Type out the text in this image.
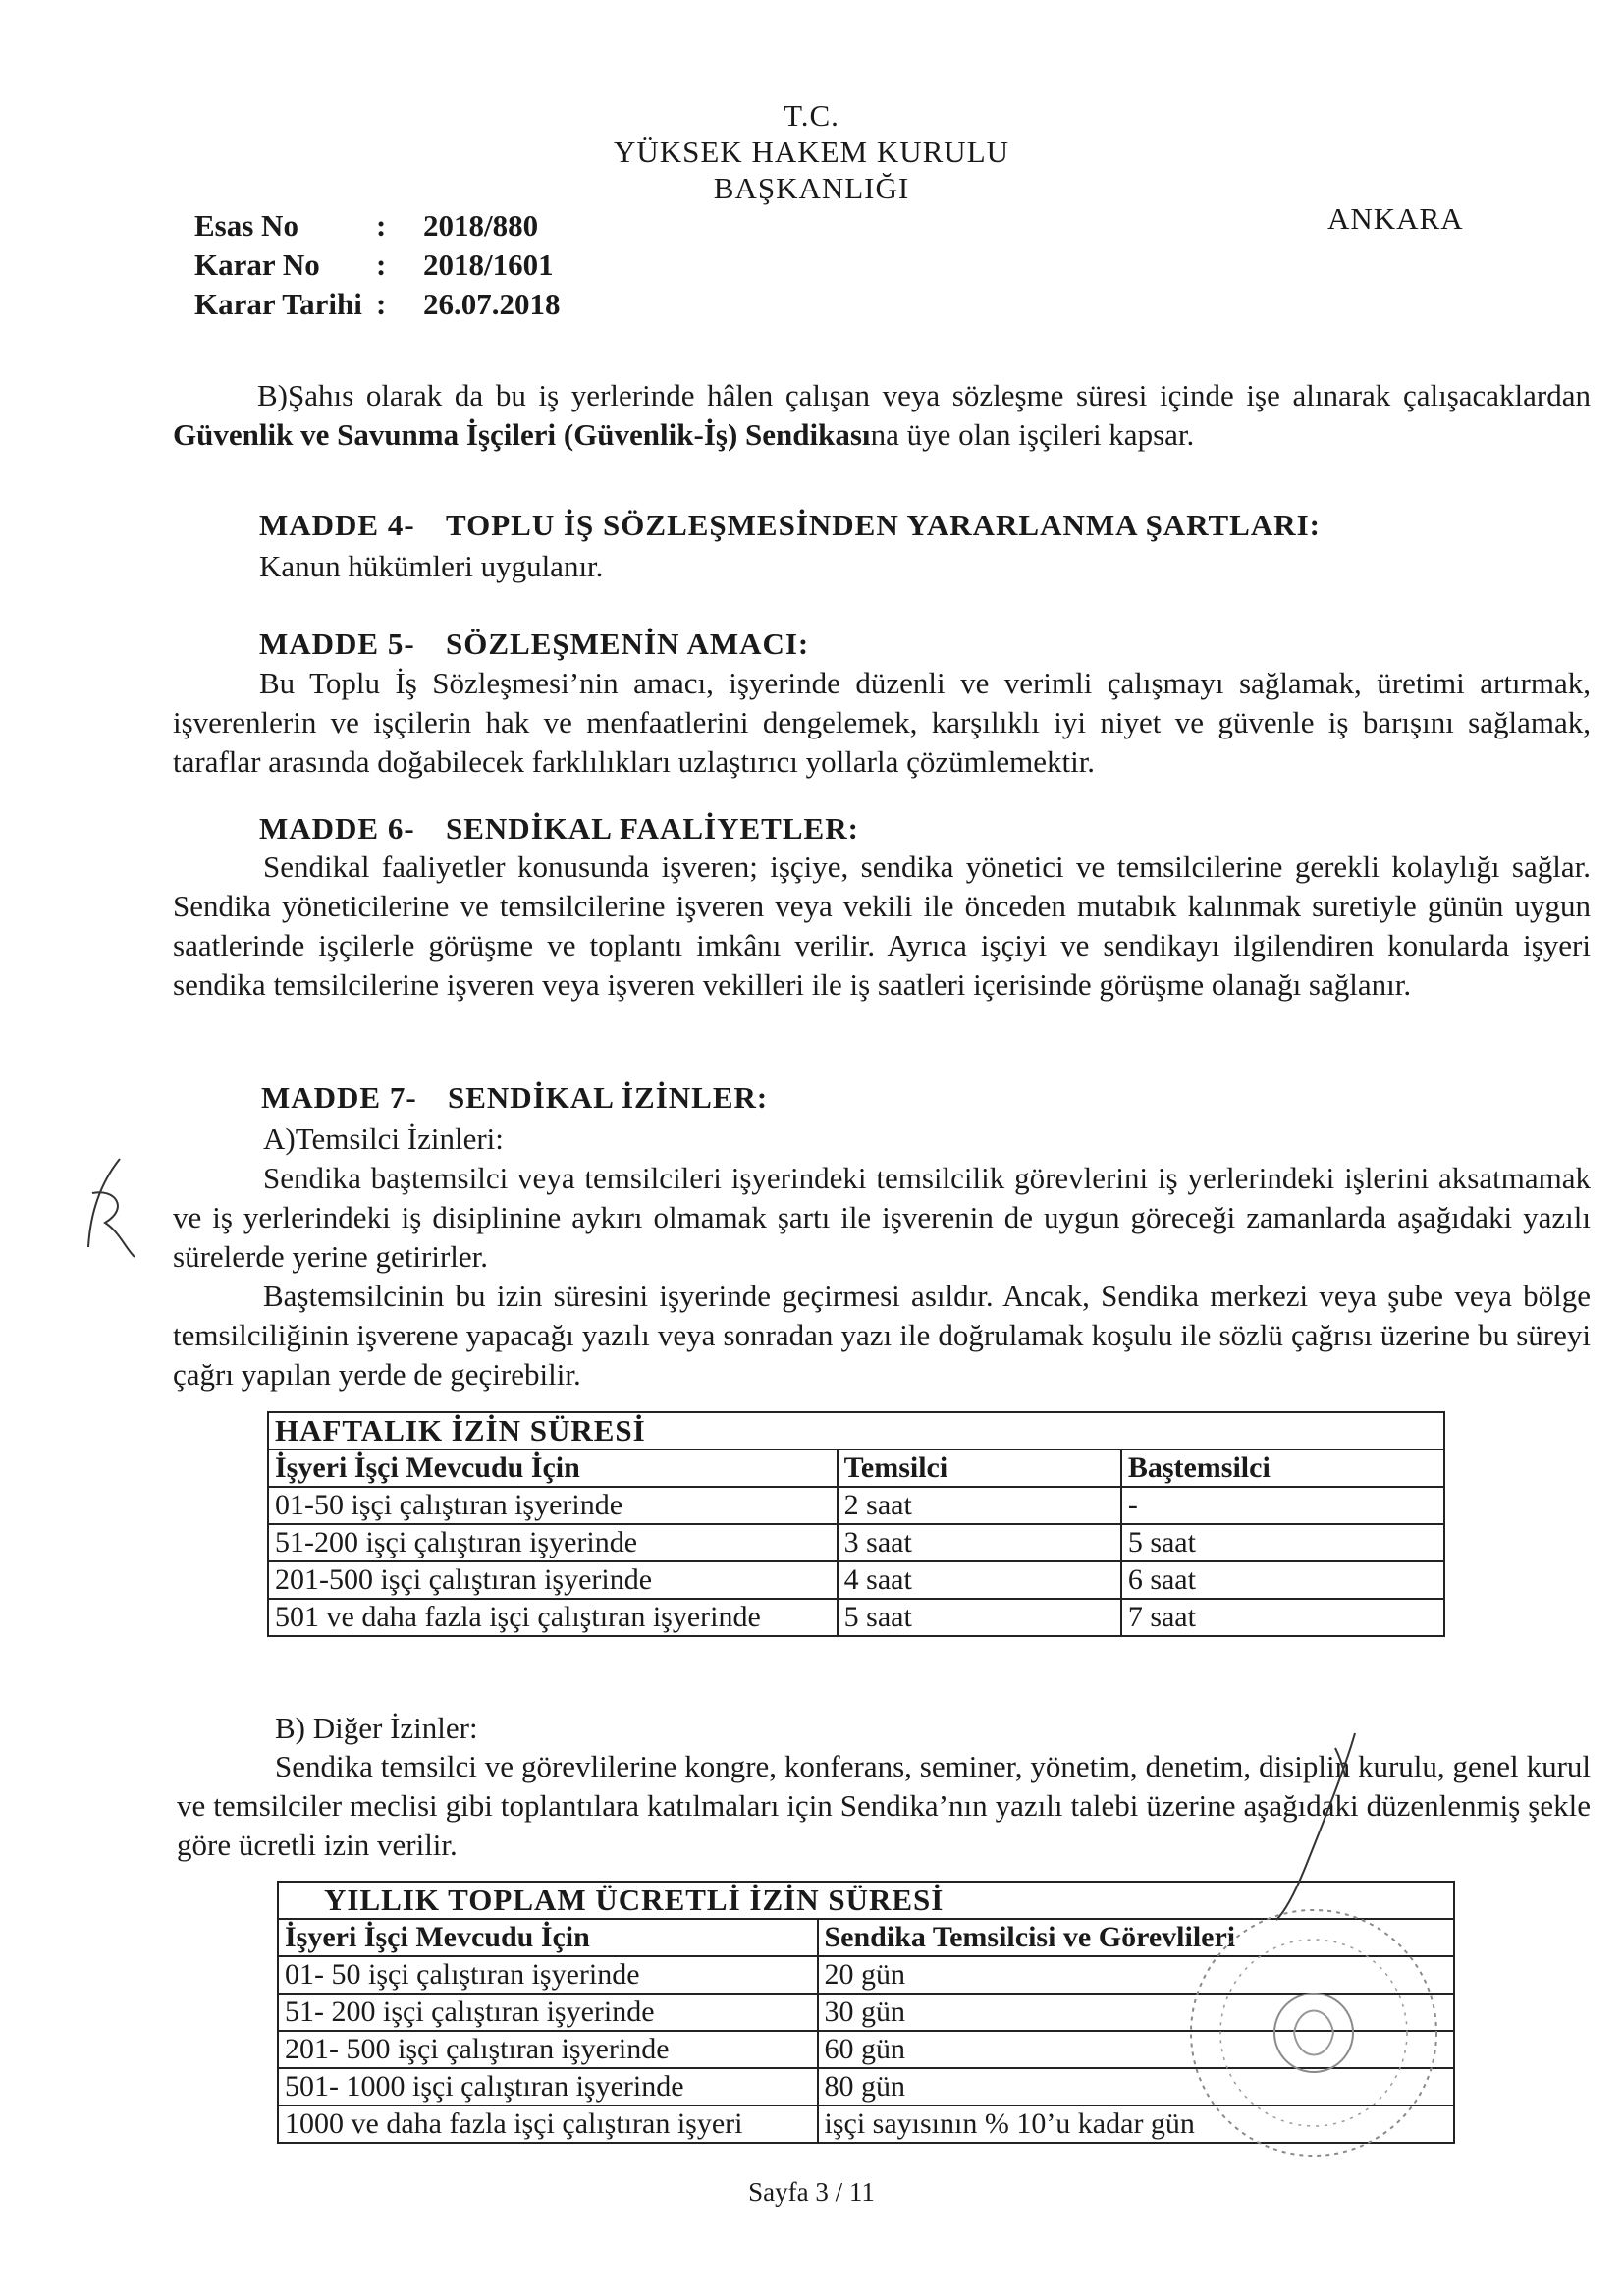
T.C.
YÜKSEK HAKEM KURULU
BAŞKANLIĞI
ANKARA
Esas No	:	2018/880
Karar No	:	2018/1601
Karar Tarihi :	26.07.2018
B)Şahıs olarak da bu iş yerlerinde hâlen çalışan veya sözleşme süresi içinde işe alınarak çalışacaklardan Güvenlik ve Savunma İşçileri (Güvenlik-İş) Sendikasına üye olan işçileri kapsar.
MADDE 4- TOPLU İŞ SÖZLEŞMESİNDEN YARARLANMA ŞARTLARI:
Kanun hükümleri uygulanır.
MADDE 5- SÖZLEŞMENİN AMACI:
Bu Toplu İş Sözleşmesi’nin amacı, işyerinde düzenli ve verimli çalışmayı sağlamak, üretimi artırmak, işverenlerin ve işçilerin hak ve menfaatlerini dengelemek, karşılıklı iyi niyet ve güvenle iş barışını sağlamak, taraflar arasında doğabilecek farklılıkları uzlaştırıcı yollarla çözümlemektir.
MADDE 6- SENDİKAL FAALİYETLER:
Sendikal faaliyetler konusunda işveren; işçiye, sendika yönetici ve temsilcilerine gerekli kolaylığı sağlar. Sendika yöneticilerine ve temsilcilerine işveren veya vekili ile önceden mutabık kalınmak suretiyle günün uygun saatlerinde işçilerle görüşme ve toplantı imkânı verilir. Ayrıca işçiyi ve sendikayı ilgilendiren konularda işyeri sendika temsilcilerine işveren veya işveren vekilleri ile iş saatleri içerisinde görüşme olanağı sağlanır.
MADDE 7- SENDİKAL İZİNLER:
A)Temsilci İzinleri:
Sendika baştemsilci veya temsilcileri işyerindeki temsilcilik görevlerini iş yerlerindeki işlerini aksatmamak ve iş yerlerindeki iş disiplinine aykırı olmamak şartı ile işverenin de uygun göreceği zamanlarda aşağıdaki yazılı sürelerde yerine getirirler.
Baştemsilcinin bu izin süresini işyerinde geçirmesi asıldır. Ancak, Sendika merkezi veya şube veya bölge temsilciliğinin işverene yapacağı yazılı veya sonradan yazı ile doğrulamak koşulu ile sözlü çağrısı üzerine bu süreyi çağrı yapılan yerde de geçirebilir.
HAFTALIK İZİN SÜRESİ		
İşyeri İşçi Mevcudu İçin	Temsilci	Baştemsilci
01-50 işçi çalıştıran işyerinde	2 saat	-
51-200 işçi çalıştıran işyerinde	3 saat	5 saat
201-500 işçi çalıştıran işyerinde	4 saat	6 saat
501 ve daha fazla işçi çalıştıran işyerinde	5 saat	7 saat
B) Diğer İzinler:
Sendika temsilci ve görevlilerine kongre, konferans, seminer, yönetim, denetim, disiplin kurulu, genel kurul ve temsilciler meclisi gibi toplantılara katılmaları için Sendika’nın yazılı talebi üzerine aşağıdaki düzenlenmiş şekle göre ücretli izin verilir.
YILLIK TOPLAM ÜCRETLİ İZİN SÜRESİ	
İşyeri İşçi Mevcudu İçin	Sendika Temsilcisi ve Görevlileri
01- 50 işçi çalıştıran işyerinde	20 gün
51- 200 işçi çalıştıran işyerinde	30 gün
201- 500 işçi çalıştıran işyerinde	60 gün
501- 1000 işçi çalıştıran işyerinde	80 gün
1000 ve daha fazla işçi çalıştıran işyeri	işçi sayısının % 10’u kadar gün
Sayfa 3 / 11
